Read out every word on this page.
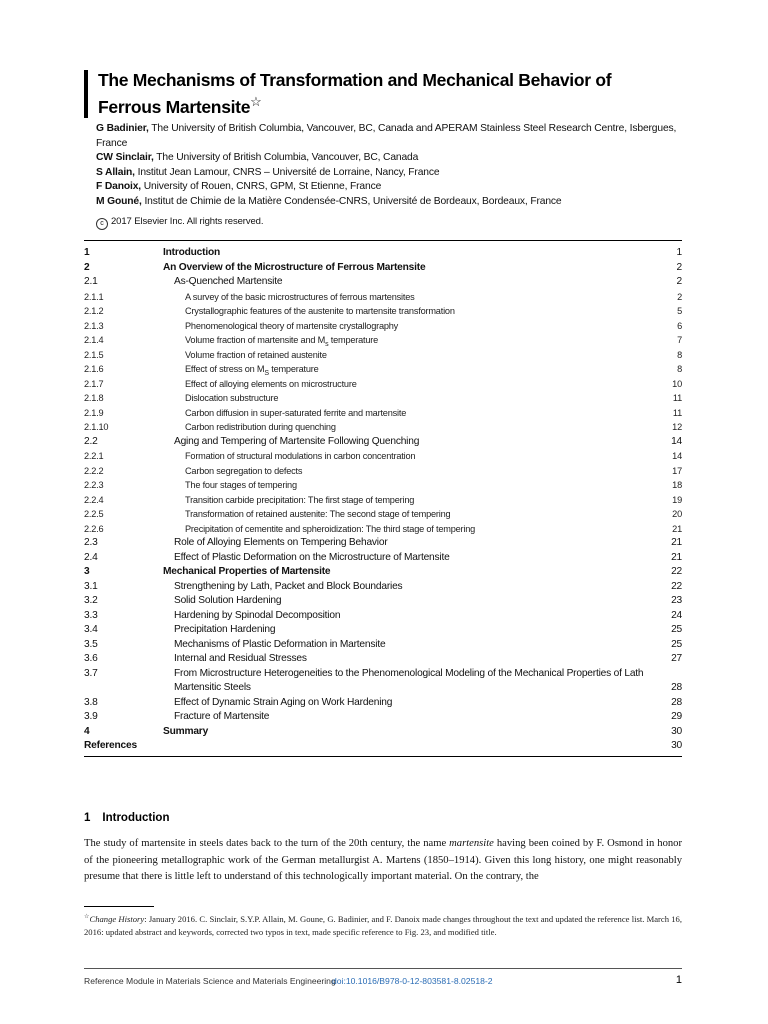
The Mechanisms of Transformation and Mechanical Behavior of
Ferrous Martensite☆
G Badinier, The University of British Columbia, Vancouver, BC, Canada and APERAM Stainless Steel Research Centre, Isbergues, France
CW Sinclair, The University of British Columbia, Vancouver, BC, Canada
S Allain, Institut Jean Lamour, CNRS – Université de Lorraine, Nancy, France
F Danoix, University of Rouen, CNRS, GPM, St Etienne, France
M Gouné, Institut de Chimie de la Matière Condensée-CNRS, Université de Bordeaux, Bordeaux, France
c 2017 Elsevier Inc. All rights reserved.
1	Introduction	1
2	An Overview of the Microstructure of Ferrous Martensite	2
2.1	As-Quenched Martensite	2
2.1.1	A survey of the basic microstructures of ferrous martensites	2
2.1.2	Crystallographic features of the austenite to martensite transformation	5
2.1.3	Phenomenological theory of martensite crystallography	6
2.1.4	Volume fraction of martensite and $M_s$ temperature	7
2.1.5	Volume fraction of retained austenite	8
2.1.6	Effect of stress on $M_S$ temperature	8
2.1.7	Effect of alloying elements on microstructure	10
2.1.8	Dislocation substructure	11
2.1.9	Carbon diffusion in super-saturated ferrite and martensite	11
2.1.10	Carbon redistribution during quenching	12
2.2	Aging and Tempering of Martensite Following Quenching	14
2.2.1	Formation of structural modulations in carbon concentration	14
2.2.2	Carbon segregation to defects	17
2.2.3	The four stages of tempering	18
2.2.4	Transition carbide precipitation: The first stage of tempering	19
2.2.5	Transformation of retained austenite: The second stage of tempering	20
2.2.6	Precipitation of cementite and spheroidization: The third stage of tempering	21
2.3	Role of Alloying Elements on Tempering Behavior	21
2.4	Effect of Plastic Deformation on the Microstructure of Martensite	21
3	Mechanical Properties of Martensite	22
3.1	Strengthening by Lath, Packet and Block Boundaries	22
3.2	Solid Solution Hardening	23
3.3	Hardening by Spinodal Decomposition	24
3.4	Precipitation Hardening	25
3.5	Mechanisms of Plastic Deformation in Martensite	25
3.6	Internal and Residual Stresses	27
3.7	From Microstructure Heterogeneities to the Phenomenological Modeling of the Mechanical Properties of Lath Martensitic Steels	28
3.8	Effect of Dynamic Strain Aging on Work Hardening	28
3.9	Fracture of Martensite	29
4	Summary	30
References	30
1 Introduction
The study of martensite in steels dates back to the turn of the 20th century, the name martensite having been coined by F. Osmond in honor of the pioneering metallographic work of the German metallurgist A. Martens (1850–1914). Given this long history, one might reasonably presume that there is little left to understand of this technologically important material. On the contrary, the
☆Change History: January 2016. C. Sinclair, S.Y.P. Allain, M. Goune, G. Badinier, and F. Danoix made changes throughout the text and updated the reference list. March 16, 2016: updated abstract and keywords, corrected two typos in text, made specific reference to Fig. 23, and modified title.
Reference Module in Materials Science and Materials Engineering
doi:10.1016/B978-0-12-803581-8.02518-2	1
